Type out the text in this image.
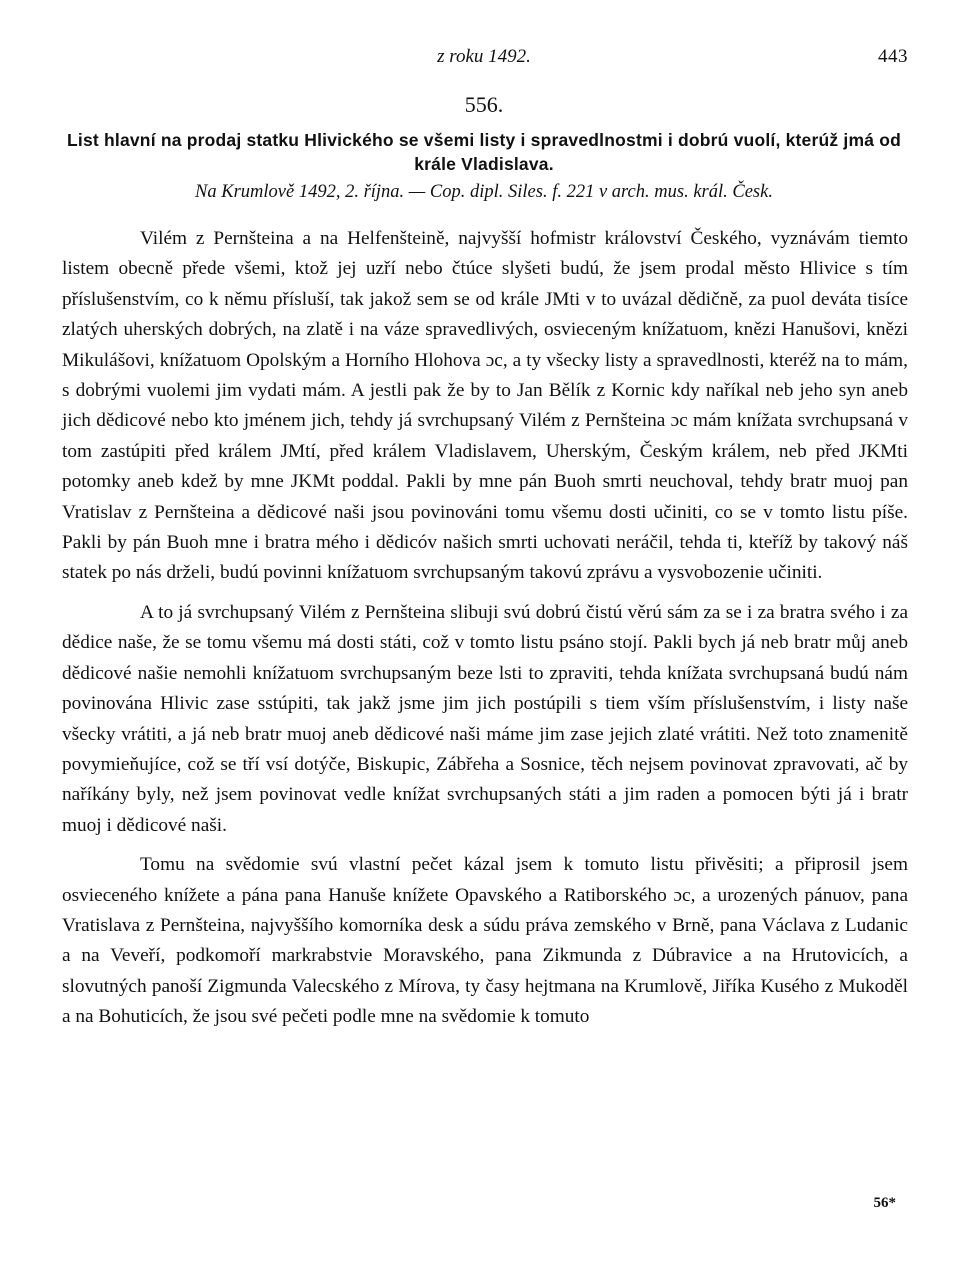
z roku 1492.	443
556.
List hlavní na prodaj statku Hlivického se všemi listy i spravedlnostmi i dobrú vuolí, kterúž jmá od krále Vladislava.
Na Krumlově 1492, 2. října. — Cop. dipl. Siles. f. 221 v arch. mus. král. Česk.

Vilém z Pernšteina a na Helfenšteině, najvyšší hofmistr království Českého, vyznávám tiemto listem obecně přede všemi, ktož jej uzří nebo čtúce slyšeti budú, že jsem prodal město Hlivice s tím příslušenstvím, co k němu přísluší, tak jakož sem se od krále JMti v to uvázal dědičně, za puol deváta tisíce zlatých uherských dobrých, na zlatě i na váze spravedlivých, osvieceným knížatuom, knězi Hanušovi, knězi Mikulášovi, knížatuom Opolským a Horního Hlohova ɔc, a ty všecky listy a spravedlnosti, kteréž na to mám, s dobrými vuolemi jim vydati mám. A jestli pak že by to Jan Bělík z Kornic kdy naříkal neb jeho syn aneb jich dědicové nebo kto jménem jich, tehdy já svrchupsaný Vilém z Pernšteina ɔc mám knížata svrchupsaná v tom zastúpiti před králem JMtí, před králem Vladislavem, Uherským, Českým králem, neb před JKMti potomky aneb kdež by mne JKMt poddal. Pakli by mne pán Buoh smrti neuchoval, tehdy bratr muoj pan Vratislav z Pernšteina a dědicové naši jsou povinováni tomu všemu dosti učiniti, co se v tomto listu píše. Pakli by pán Buoh mne i bratra mého i dědicóv našich smrti uchovati neráčil, tehda ti, kteříž by takový náš statek po nás drželi, budú povinni knížatuom svrchupsaným takovú zprávu a vysvobozenie učiniti.

A to já svrchupsaný Vilém z Pernšteina slibuji svú dobrú čistú věrú sám za se i za bratra svého i za dědice naše, že se tomu všemu má dosti státi, což v tomto listu psáno stojí. Pakli bych já neb bratr můj aneb dědicové našie nemohli knížatuom svrchupsaným beze lsti to zpraviti, tehda knížata svrchupsaná budú nám povinována Hlivic zase sstúpiti, tak jakž jsme jim jich postúpili s tiem vším příslušenstvím, i listy naše všecky vrátiti, a já neb bratr muoj aneb dědicové naši máme jim zase jejich zlaté vrátiti. Než toto znamenitě povymieňujíce, což se tří vsí dotýče, Biskupic, Zábřeha a Sosnice, těch nejsem povinovat zpravovati, ač by naříkány byly, než jsem povinovat vedle knížat svrchupsaných státi a jim raden a pomocen býti já i bratr muoj i dědicové naši.

Tomu na svědomie svú vlastní pečet kázal jsem k tomuto listu přivěsiti; a připrosil jsem osvieceného knížete a pána pana Hanuše knížete Opavského a Ratiborského ɔc, a urozených pánuov, pana Vratislava z Pernšteina, najvyššího komorníka desk a súdu práva zemského v Brně, pana Václava z Ludanic a na Veveří, podkomoří markrabstvie Moravského, pana Zikmunda z Dúbravice a na Hrutovicích, a slovutných panoší Zigmunda Valecského z Mírova, ty časy hejtmana na Krumlově, Jiříka Kusého z Mukoděl a na Bohuticích, že jsou své pečeti podle mne na svědomie k tomuto

56*
